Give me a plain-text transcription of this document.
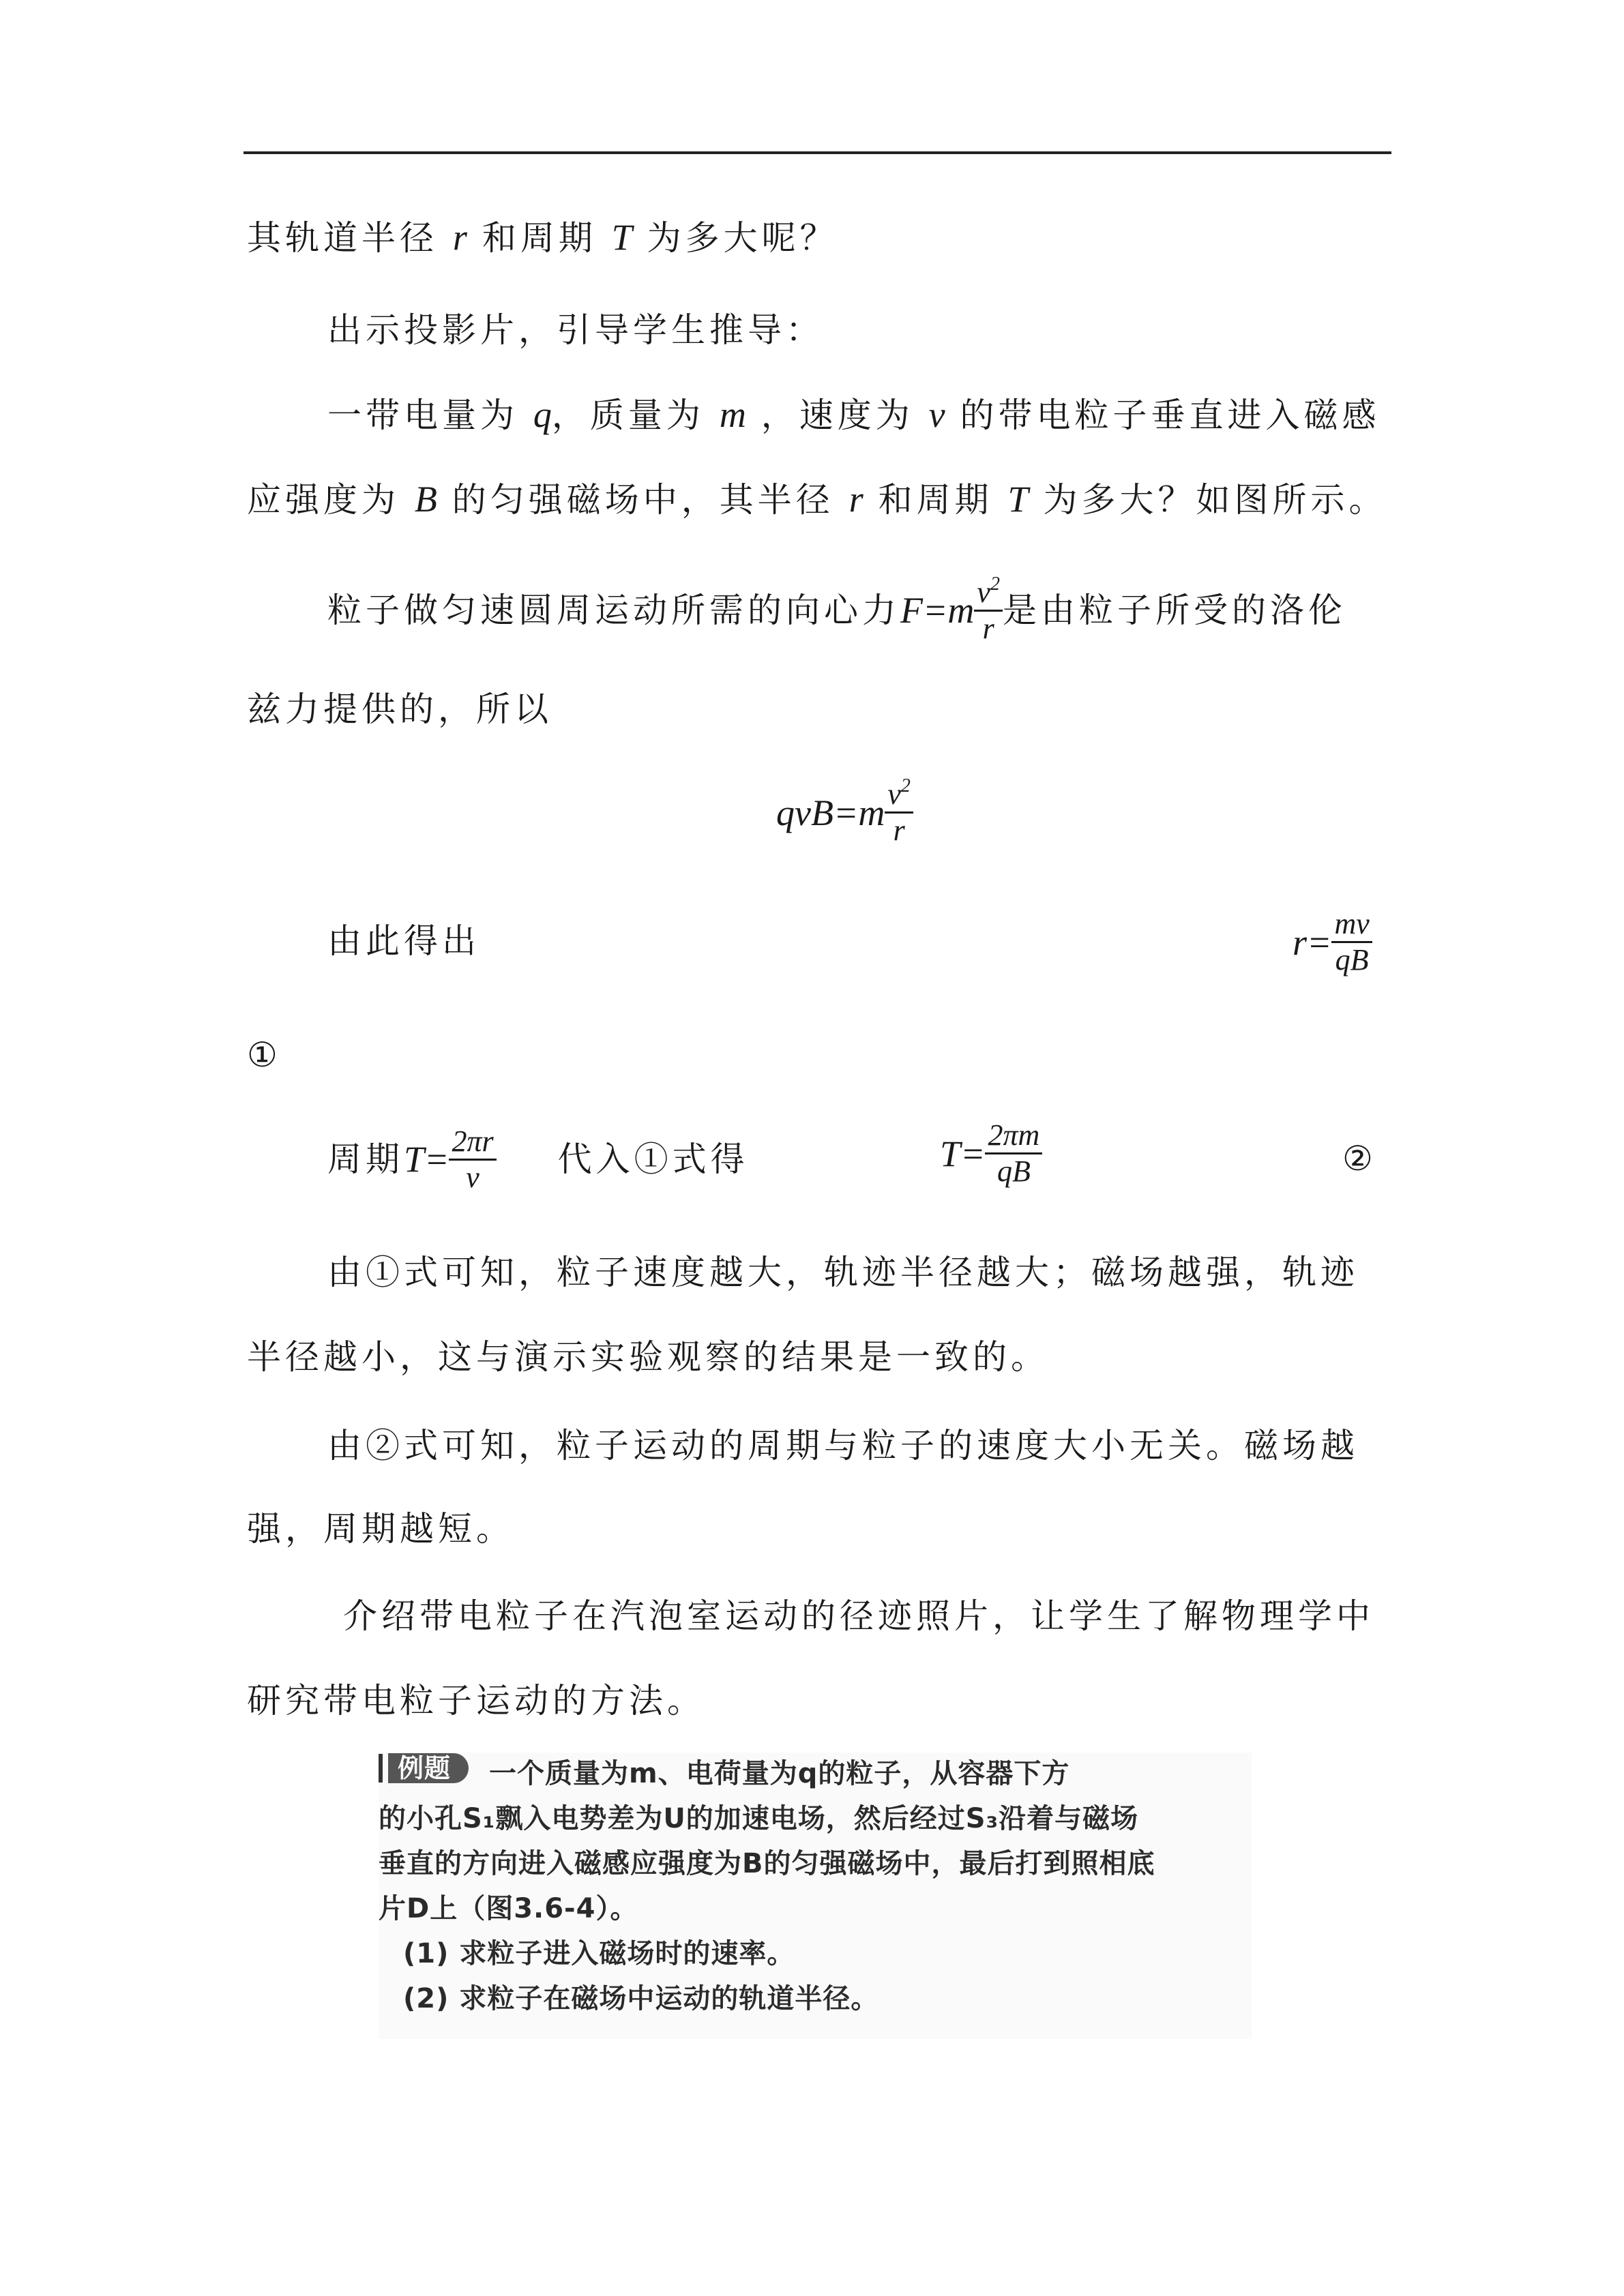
其轨道半径 r 和周期 T 为多大呢？
出示投影片，引导学生推导：
一带电量为 q，质量为 m ，速度为 v 的带电粒子垂直进入磁感
应强度为 B 的匀强磁场中，其半径 r 和周期 T 为多大？如图所示。
粒子做匀速圆周运动所需的向心力 $F=m \frac{v^2}{r}$ 是由粒子所受的洛伦
兹力提供的，所以
$qvB=m \frac{v^2}{r}$
由此得出	$r= \frac{mv}{qB}$
①
周期 $T= \frac{2\pi r}{v}$ 代入①式得	$T= \frac{2\pi m}{qB}$	②
由①式可知，粒子速度越大，轨迹半径越大；磁场越强，轨迹
半径越小，这与演示实验观察的结果是一致的。
由②式可知，粒子运动的周期与粒子的速度大小无关。磁场越
强，周期越短。
介绍带电粒子在汽泡室运动的径迹照片，让学生了解物理学中
研究带电粒子运动的方法。
例题	一个质量为m、电荷量为q的粒子，从容器下方
的小孔S₁飘入电势差为U的加速电场，然后经过S₃沿着与磁场
垂直的方向进入磁感应强度为B的匀强磁场中，最后打到照相底
片D上（图3.6-4）。
(1) 求粒子进入磁场时的速率。
(2) 求粒子在磁场中运动的轨道半径。
